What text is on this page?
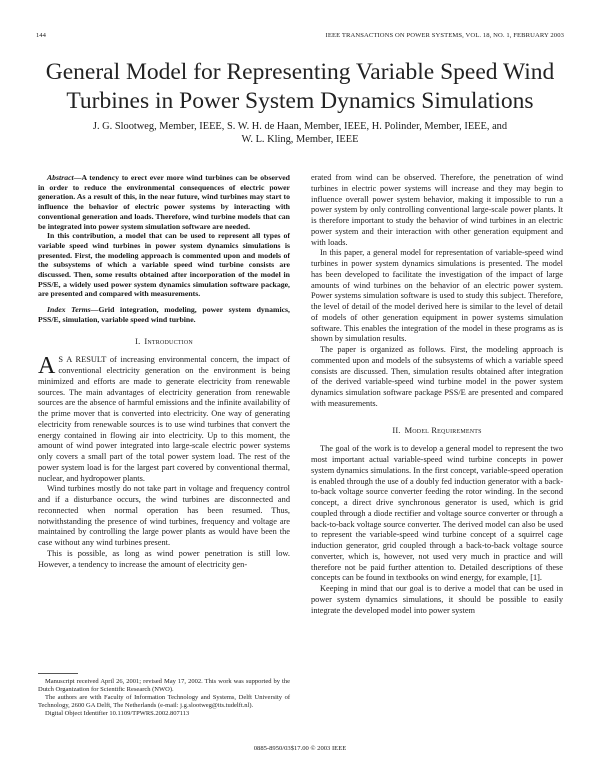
144	IEEE TRANSACTIONS ON POWER SYSTEMS, VOL. 18, NO. 1, FEBRUARY 2003
General Model for Representing Variable Speed Wind
Turbines in Power System Dynamics Simulations
J. G. Slootweg, Member, IEEE, S. W. H. de Haan, Member, IEEE, H. Polinder, Member, IEEE, and
W. L. Kling, Member, IEEE

Abstract—A tendency to erect ever more wind turbines can be observed in order to reduce the environmental consequences of electric power generation. As a result of this, in the near future, wind turbines may start to influence the behavior of electric power systems by interacting with conventional generation and loads. Therefore, wind turbine models that can be integrated into power system simulation software are needed.

In this contribution, a model that can be used to represent all types of variable speed wind turbines in power system dynamics simulations is presented. First, the modeling approach is commented upon and models of the subsystems of which a variable speed wind turbine consists are discussed. Then, some results obtained after incorporation of the model in PSS/E, a widely used power system dynamics simulation software package, are presented and compared with measurements.

Index Terms—Grid integration, modeling, power system dynamics, PSS/E, simulation, variable speed wind turbine.

I. Introduction

A S A RESULT of increasing environmental concern, the impact of conventional electricity generation on the environment is being minimized and efforts are made to generate electricity from renewable sources. The main advantages of electricity generation from renewable sources are the absence of harmful emissions and the infinite availability of the prime mover that is converted into electricity. One way of generating electricity from renewable sources is to use wind turbines that convert the energy contained in flowing air into electricity. Up to this moment, the amount of wind power integrated into large-scale electric power systems only covers a small part of the total power system load. The rest of the power system load is for the largest part covered by conventional thermal, nuclear, and hydropower plants.

Wind turbines mostly do not take part in voltage and frequency control and if a disturbance occurs, the wind turbines are disconnected and reconnected when normal operation has been resumed. Thus, notwithstanding the presence of wind turbines, frequency and voltage are maintained by controlling the large power plants as would have been the case without any wind turbines present.

This is possible, as long as wind power penetration is still low. However, a tendency to increase the amount of electricity gen-

Manuscript received April 26, 2001; revised May 17, 2002. This work was supported by the Dutch Organization for Scientific Research (NWO).

The authors are with Faculty of Information Technology and Systems, Delft University of Technology, 2600 GA Delft, The Netherlands (e-mail: j.g.slootweg@its.tudelft.nl).

Digital Object Identifier 10.1109/TPWRS.2002.807113

erated from wind can be observed. Therefore, the penetration of wind turbines in electric power systems will increase and they may begin to influence overall power system behavior, making it impossible to run a power system by only controlling conventional large-scale power plants. It is therefore important to study the behavior of wind turbines in an electric power system and their interaction with other generation equipment and with loads.

In this paper, a general model for representation of variable-speed wind turbines in power system dynamics simulations is presented. The model has been developed to facilitate the investigation of the impact of large amounts of wind turbines on the behavior of an electric power system. Power systems simulation software is used to study this subject. Therefore, the level of detail of the model derived here is similar to the level of detail of models of other generation equipment in power systems simulation software. This enables the integration of the model in these programs as is shown by simulation results.

The paper is organized as follows. First, the modeling approach is commented upon and models of the subsystems of which a variable speed consists are discussed. Then, simulation results obtained after integration of the derived variable-speed wind turbine model in the power system dynamics simulation software package PSS/E are presented and compared with measurements.

II. Model Requirements

The goal of the work is to develop a general model to represent the two most important actual variable-speed wind turbine concepts in power system dynamics simulations. In the first concept, variable-speed operation is enabled through the use of a doubly fed induction generator with a back-to-back voltage source converter feeding the rotor winding. In the second concept, a direct drive synchronous generator is used, which is grid coupled through a diode rectifier and voltage source converter or through a back-to-back voltage source converter. The derived model can also be used to represent the variable-speed wind turbine concept of a squirrel cage induction generator, grid coupled through a back-to-back voltage source converter, which is, however, not used very much in practice and will therefore not be paid further attention to. Detailed descriptions of these concepts can be found in textbooks on wind energy, for example, [1].

Keeping in mind that our goal is to derive a model that can be used in power system dynamics simulations, it should be possible to easily integrate the developed model into power system

0885-8950/03$17.00 © 2003 IEEE
